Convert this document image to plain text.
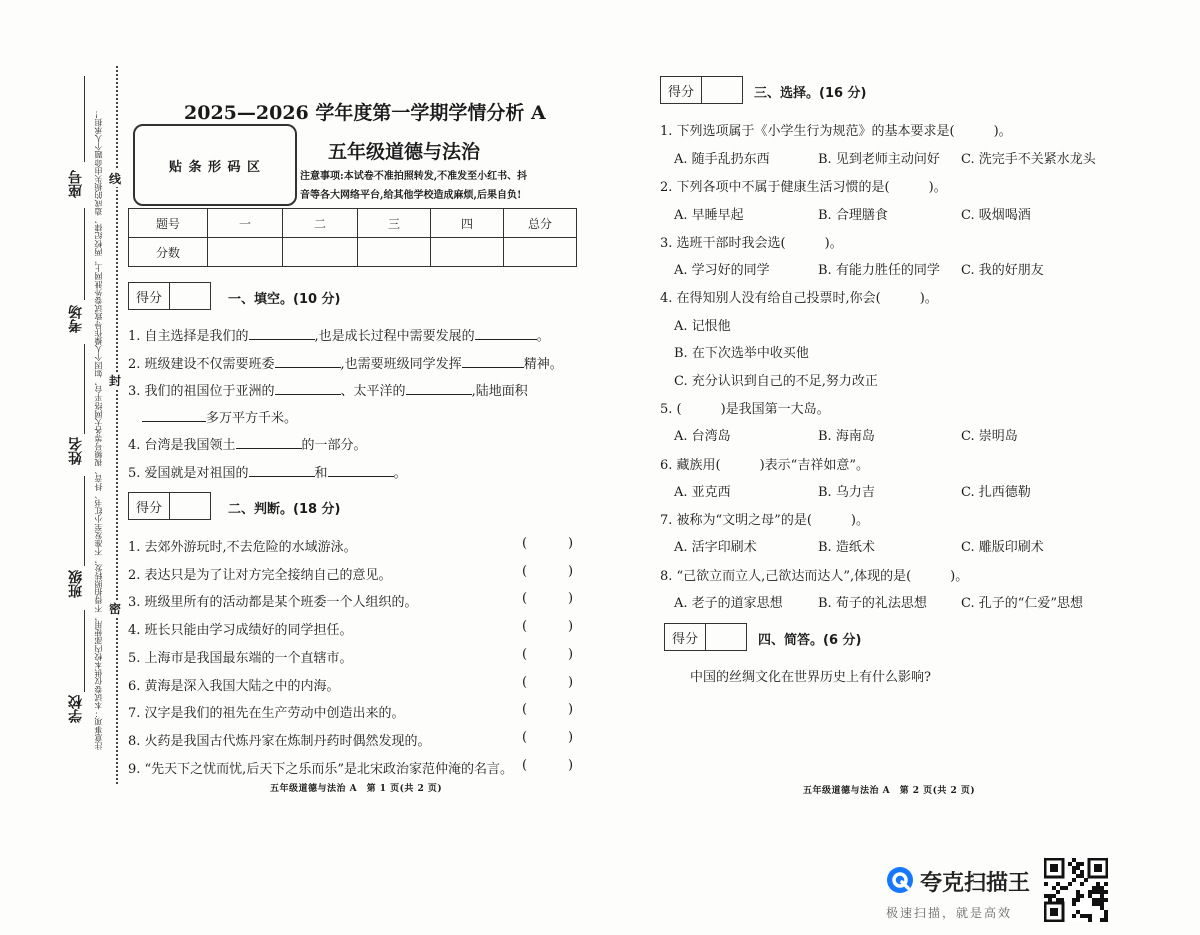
注意事项：本试卷仅供本校内部使用，不得拍照转发，不准发至小红书、抖音、视频号等各大网络平台，如因个人操作导致试卷外泄网上，两校纪律，造成的损失由命题个人承担！
座号
考场
姓名
班级
学校
线
封
密
2025—2026 学年度第一学期学情分析 A
贴 条 形 码 区
五年级道德与法治
注意事项:本试卷不准拍照转发,不准发至小红书、抖
音等各大网络平台,给其他学校造成麻烦,后果自负!
题号	一	二	三	四	总分
分数					
得分	一、填空。(10 分)
1. 自主选择是我们的	,也是成长过程中需要发展的	。
2. 班级建设不仅需要班委	,也需要班级同学发挥	精神。
3. 我们的祖国位于亚洲的	、太平洋的	,陆地面积
多万平方千米。
4. 台湾是我国领土	的一部分。
5. 爱国就是对祖国的	和	。
得分	二、判断。(18 分)
1. 去郊外游玩时,不去危险的水域游泳。	(	)
2. 表达只是为了让对方完全接纳自己的意见。	(	)
3. 班级里所有的活动都是某个班委一个人组织的。	(	)
4. 班长只能由学习成绩好的同学担任。	(	)
5. 上海市是我国最东端的一个直辖市。	(	)
6. 黄海是深入我国大陆之中的内海。	(	)
7. 汉字是我们的祖先在生产劳动中创造出来的。	(	)
8. 火药是我国古代炼丹家在炼制丹药时偶然发现的。	(	)
9. “先天下之忧而忧,后天下之乐而乐”是北宋政治家范仲淹的名言。 (	)
五年级道德与法治 A　第 1 页(共 2 页)
得分	三、选择。(16 分)
1. 下列选项属于《小学生行为规范》的基本要求是(　　　)。
A. 随手乱扔东西	B. 见到老师主动问好 C. 洗完手不关紧水龙头
2. 下列各项中不属于健康生活习惯的是(　　　)。
A. 早睡早起	B. 合理膳食	C. 吸烟喝酒
3. 选班干部时我会选(　　　)。
A. 学习好的同学	B. 有能力胜任的同学 C. 我的好朋友
4. 在得知别人没有给自己投票时,你会(　　　)。
A. 记恨他
B. 在下次选举中收买他
C. 充分认识到自己的不足,努力改正
5. (　　　)是我国第一大岛。
A. 台湾岛	B. 海南岛	C. 崇明岛
6. 藏族用(　　　)表示“吉祥如意”。
A. 亚克西	B. 乌力吉	C. 扎西德勒
7. 被称为“文明之母”的是(　　　)。
A. 活字印刷术	B. 造纸术	C. 雕版印刷术
8. “己欲立而立人,己欲达而达人”,体现的是(　　　)。
A. 老子的道家思想	B. 荀子的礼法思想	C. 孔子的“仁爱”思想
得分	四、简答。(6 分)
中国的丝绸文化在世界历史上有什么影响?
五年级道德与法治 A　第 2 页(共 2 页)
夸克扫描王
极速扫描，就是高效
